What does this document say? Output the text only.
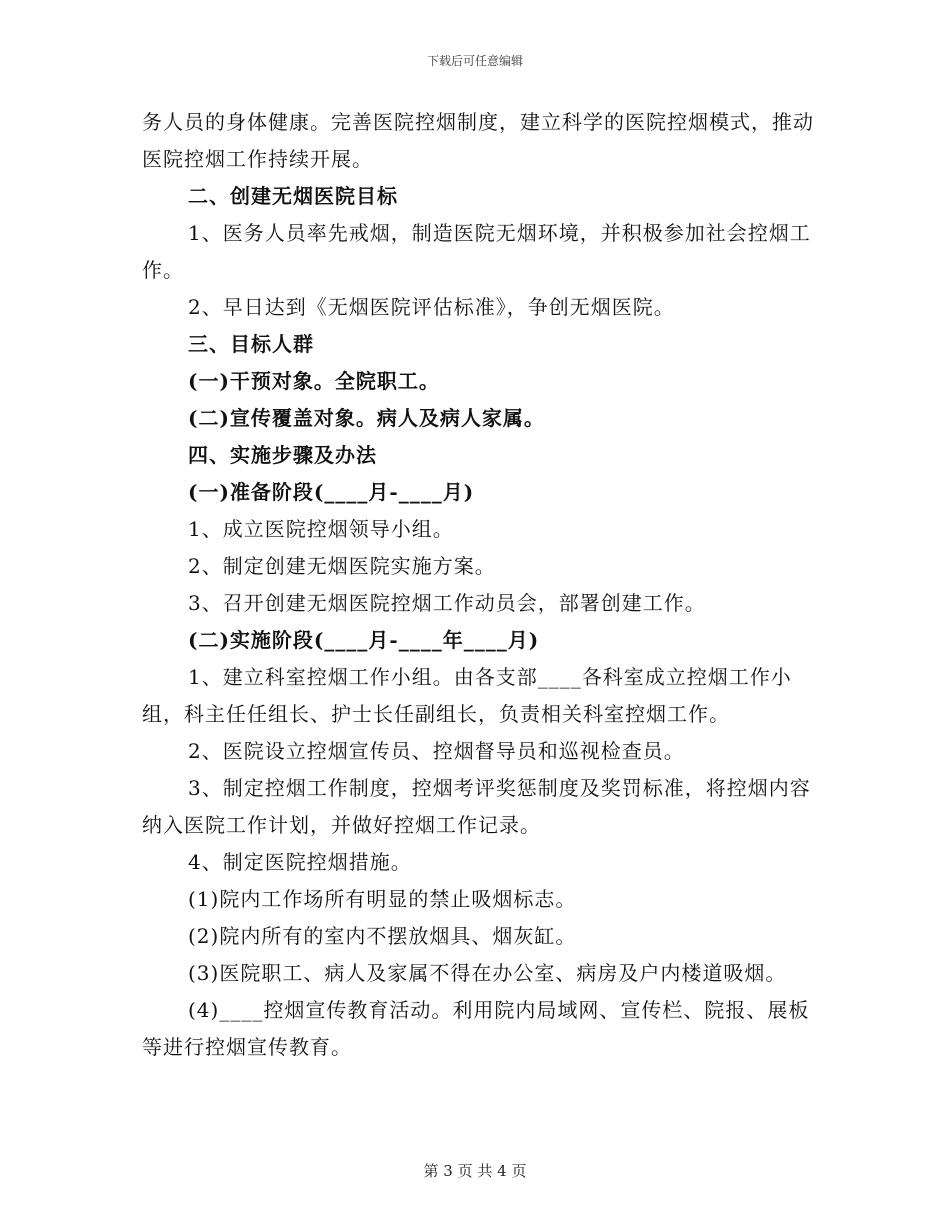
下载后可任意编辑

务人员的身体健康。完善医院控烟制度，建立科学的医院控烟模式，推动医院控烟工作持续开展。

二、创建无烟医院目标

1、医务人员率先戒烟，制造医院无烟环境，并积极参加社会控烟工作。

2、早日达到《无烟医院评估标准》，争创无烟医院。

三、目标人群

(一)干预对象。全院职工。

(二)宣传覆盖对象。病人及病人家属。

四、实施步骤及办法

(一)准备阶段(____月-____月)

1、成立医院控烟领导小组。

2、制定创建无烟医院实施方案。

3、召开创建无烟医院控烟工作动员会，部署创建工作。

(二)实施阶段(____月-____年____月)

1、建立科室控烟工作小组。由各支部____各科室成立控烟工作小组，科主任任组长、护士长任副组长，负责相关科室控烟工作。

2、医院设立控烟宣传员、控烟督导员和巡视检查员。

3、制定控烟工作制度，控烟考评奖惩制度及奖罚标准，将控烟内容纳入医院工作计划，并做好控烟工作记录。

4、制定医院控烟措施。

(1)院内工作场所有明显的禁止吸烟标志。

(2)院内所有的室内不摆放烟具、烟灰缸。

(3)医院职工、病人及家属不得在办公室、病房及户内楼道吸烟。

(4)____控烟宣传教育活动。利用院内局域网、宣传栏、院报、展板等进行控烟宣传教育。

第 3 页 共 4 页
